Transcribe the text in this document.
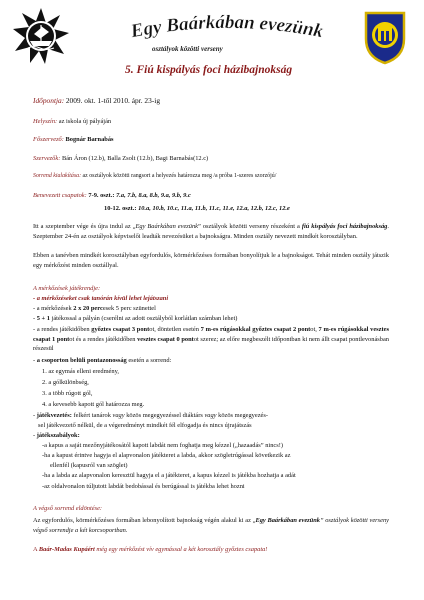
Egy Baárkában evezünk
osztályok közötti verseny
5. Fiú kispályás foci házibajnokság
Időpontja: 2009. okt. 1-től 2010. ápr. 23-ig
Helyszín: az iskola új pályáján
Főszervező: Bognár Barnabás
Szervezők: Bán Áron (12.b), Balla Zsolt (12.b), Bagi Barnabás(12.c)
Sorrend kialakítása: az osztályok közötti rangsort a helyezés határozza meg /a próba 1-szeres szorzójú/
Benevezett csapatok: 7-9. oszt.: 7.a, 7.b, 8.a, 8.b, 9.a, 9.b, 9.c
10-12. oszt.: 10.a, 10.b, 10.c, 11.a, 11.b, 11.c, 11.e, 12.a, 12.b, 12.c, 12.e
Itt a szeptember vége és újra indul az „Egy Baárkában evezünk” osztályok közötti verseny részeként a fiú kispályás foci házibajnokság. Szeptember 24-én az osztályok képviselői leadták nevezésüket a bajnokságra. Minden osztály nevezett mindkét korosztályban.
Ebben a tanévben mindkét korosztályban egyfordulós, körmérkőzéses formában bonyolítjuk le a bajnokságot. Tehát minden osztály játszik egy mérkőzést minden osztállyal.
A mérkőzések játékrendje:
- a mérkőzéseket csak tanórán kívül lehet lejátszani
- a mérkőzések 2 x 20 percesek 5 perc szünettel
- 5 + 1 játékossal a pályán (cserélni az adott osztályból korlátlan számban lehet)
- a rendes játékidőben győztes csapat 3 pontot, döntetlen esetén 7 m-es rúgásokkal győztes csapat 2 pontot, 7 m-es rúgásokkal vesztes csapat 1 pontot és a rendes játékidőben vesztes csapat 0 pontot szerez; az előre megbeszélt időpontban ki nem állt csapat pontlevonásban részesül
- a csoporton belüli pontazonosság esetén a sorrend:
1. az egymás elleni eredmény,
2. a gólkülönbség,
3. a több rúgott gól,
4. a kevesebb kapott gól határozza meg.
- játékvezetés: felkért tanárok vagy közös megegyezéssel diáktárs vagy közös megegyezés-
sel játékvezető nélkül, de a végeredményt mindkét fél elfogadja és nincs újrajátszás
- játékszabályok:
-a kapus a saját mezőnyjátékosától kapott labdát nem foghatja meg kézzel („hazaadás” nincs!)
-ha a kapust érintve hagyja el alapvonalon játékteret a labda, akkor szögletrúgással következik az
ellenfél (kapusról van szöglet)
-ha a labda az alapvonalon keresztül hagyja el a játékteret, a kapus kézzel is játékba hozhatja a adát
-az oldalvonalon túljutott labdát bedobással és berúgással is játékba lehet hozni
A végső sorrend eldöntése:
Az egyfordulós, körmérkőzéses formában lebonyolított bajnokság végén alakul ki az „Egy Baárkában evezünk” osztályok közötti verseny végső sorrendje a két korcsoportban.
A Baár-Madas Kupáért még egy mérkőzést vív egymással a két korosztály győztes csapata!
